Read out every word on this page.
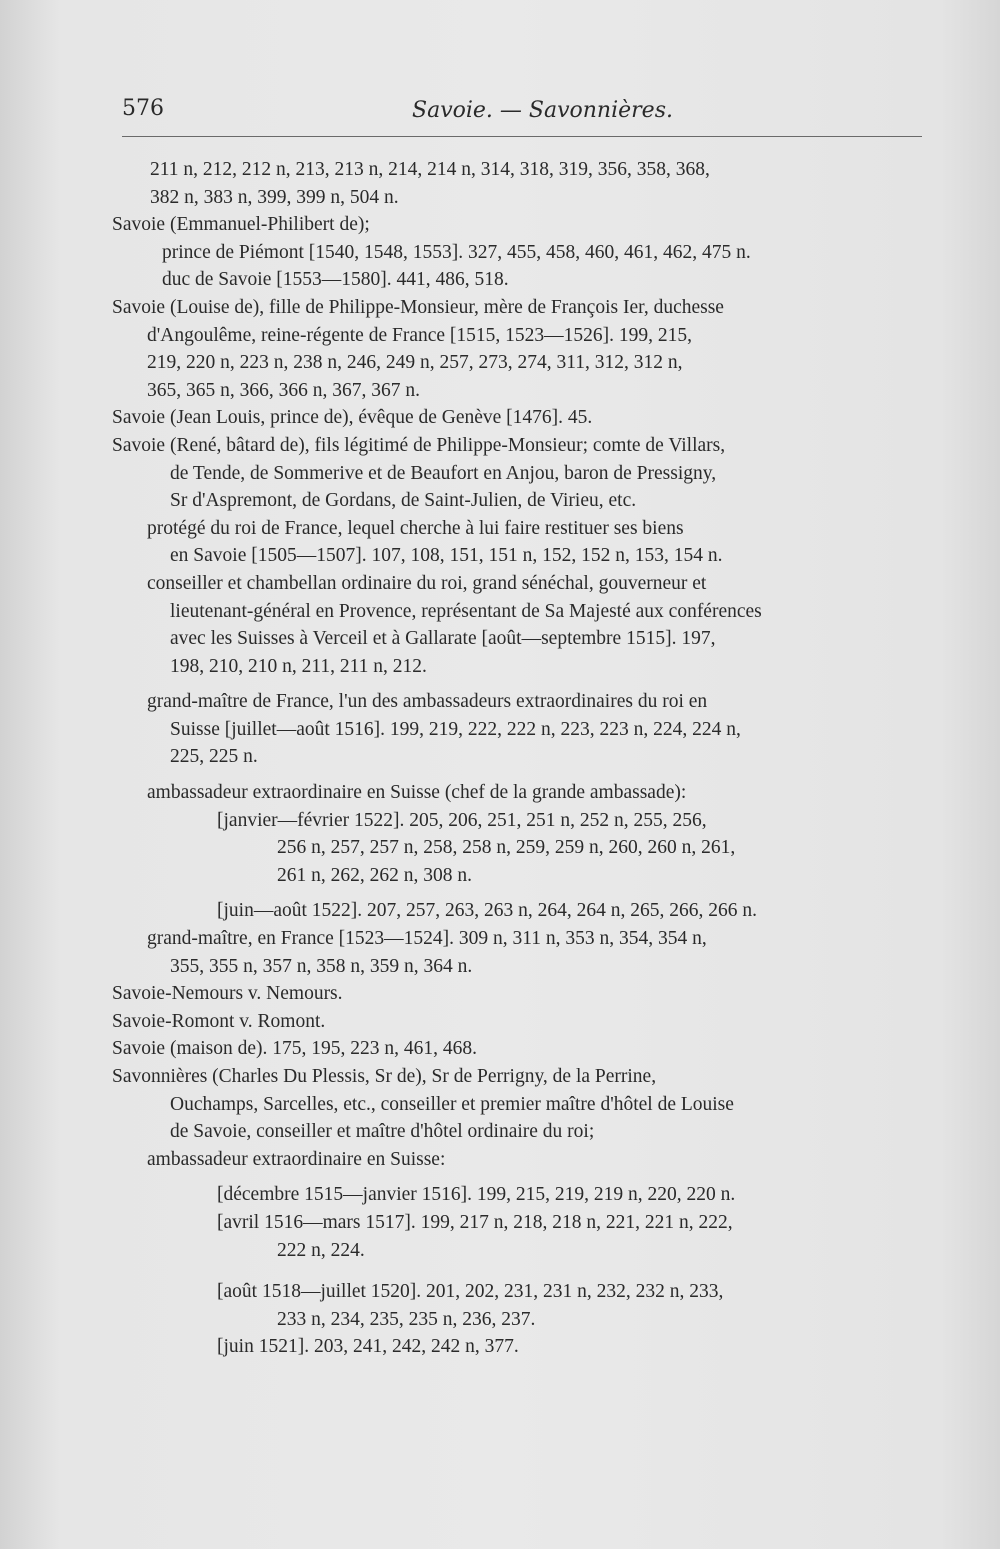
576	Savoie. — Savonnières.
211 n, 212, 212 n, 213, 213 n, 214, 214 n, 314, 318, 319, 356, 358, 368,
382 n, 383 n, 399, 399 n, 504 n.
Savoie (Emmanuel-Philibert de);
prince de Piémont [1540, 1548, 1553]. 327, 455, 458, 460, 461, 462, 475 n.
duc de Savoie [1553—1580]. 441, 486, 518.
Savoie (Louise de), fille de Philippe-Monsieur, mère de François Ier, duchesse
d'Angoulême, reine-régente de France [1515, 1523—1526]. 199, 215,
219, 220 n, 223 n, 238 n, 246, 249 n, 257, 273, 274, 311, 312, 312 n,
365, 365 n, 366, 366 n, 367, 367 n.
Savoie (Jean Louis, prince de), évêque de Genève [1476]. 45.
Savoie (René, bâtard de), fils légitimé de Philippe-Monsieur; comte de Villars,
de Tende, de Sommerive et de Beaufort en Anjou, baron de Pressigny,
Sr d'Aspremont, de Gordans, de Saint-Julien, de Virieu, etc.
protégé du roi de France, lequel cherche à lui faire restituer ses biens
en Savoie [1505—1507]. 107, 108, 151, 151 n, 152, 152 n, 153, 154 n.
conseiller et chambellan ordinaire du roi, grand sénéchal, gouverneur et
lieutenant-général en Provence, représentant de Sa Majesté aux conférences
avec les Suisses à Verceil et à Gallarate [août—septembre 1515]. 197,
198, 210, 210 n, 211, 211 n, 212.
grand-maître de France, l'un des ambassadeurs extraordinaires du roi en
Suisse [juillet—août 1516]. 199, 219, 222, 222 n, 223, 223 n, 224, 224 n,
225, 225 n.
ambassadeur extraordinaire en Suisse (chef de la grande ambassade):
[janvier—février 1522]. 205, 206, 251, 251 n, 252 n, 255, 256,
256 n, 257, 257 n, 258, 258 n, 259, 259 n, 260, 260 n, 261,
261 n, 262, 262 n, 308 n.
[juin—août 1522]. 207, 257, 263, 263 n, 264, 264 n, 265, 266, 266 n.
grand-maître, en France [1523—1524]. 309 n, 311 n, 353 n, 354, 354 n,
355, 355 n, 357 n, 358 n, 359 n, 364 n.
Savoie-Nemours v. Nemours.
Savoie-Romont v. Romont.
Savoie (maison de). 175, 195, 223 n, 461, 468.
Savonnières (Charles Du Plessis, Sr de), Sr de Perrigny, de la Perrine,
Ouchamps, Sarcelles, etc., conseiller et premier maître d'hôtel de Louise
de Savoie, conseiller et maître d'hôtel ordinaire du roi;
ambassadeur extraordinaire en Suisse:
[décembre 1515—janvier 1516]. 199, 215, 219, 219 n, 220, 220 n.
[avril 1516—mars 1517]. 199, 217 n, 218, 218 n, 221, 221 n, 222,
222 n, 224.
[août 1518—juillet 1520]. 201, 202, 231, 231 n, 232, 232 n, 233,
233 n, 234, 235, 235 n, 236, 237.
[juin 1521]. 203, 241, 242, 242 n, 377.
